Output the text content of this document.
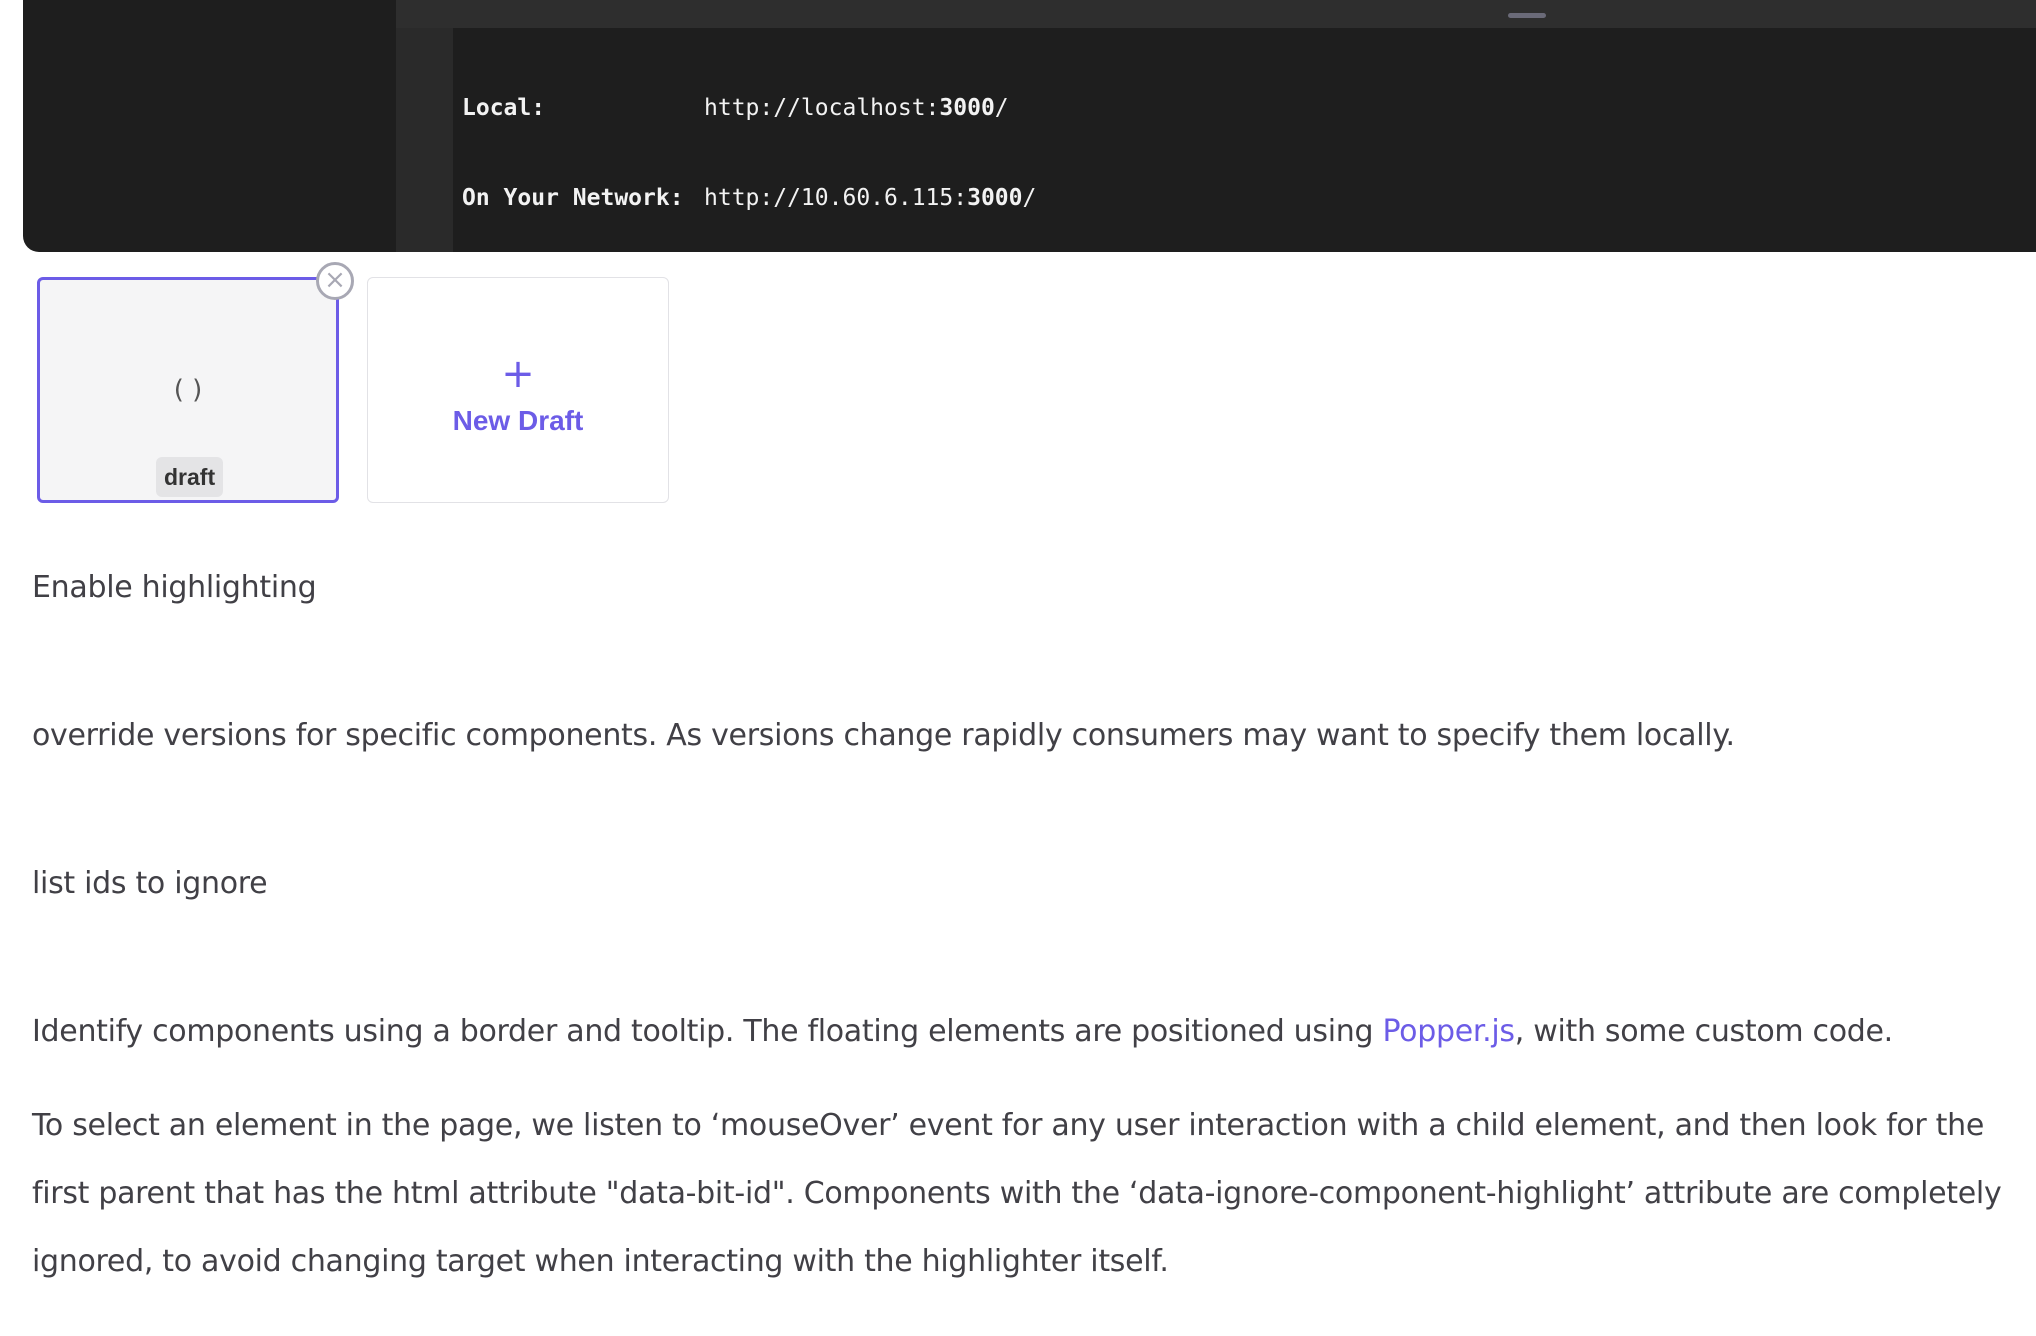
Local:	http://localhost:3000/

On Your Network: http://10.60.6.115:3000/

( )
draft
×
+
New Draft
Enable highlighting
override versions for specific components. As versions change rapidly consumers may want to specify them locally.
list ids to ignore
Identify components using a border and tooltip. The floating elements are positioned using Popper.js, with some custom code.
To select an element in the page, we listen to ‘mouseOver’ event for any user interaction with a child element, and then look for the first parent that has the html attribute "data-bit-id". Components with the ‘data-ignore-component-highlight’ attribute are completely ignored, to avoid changing target when interacting with the highlighter itself.
